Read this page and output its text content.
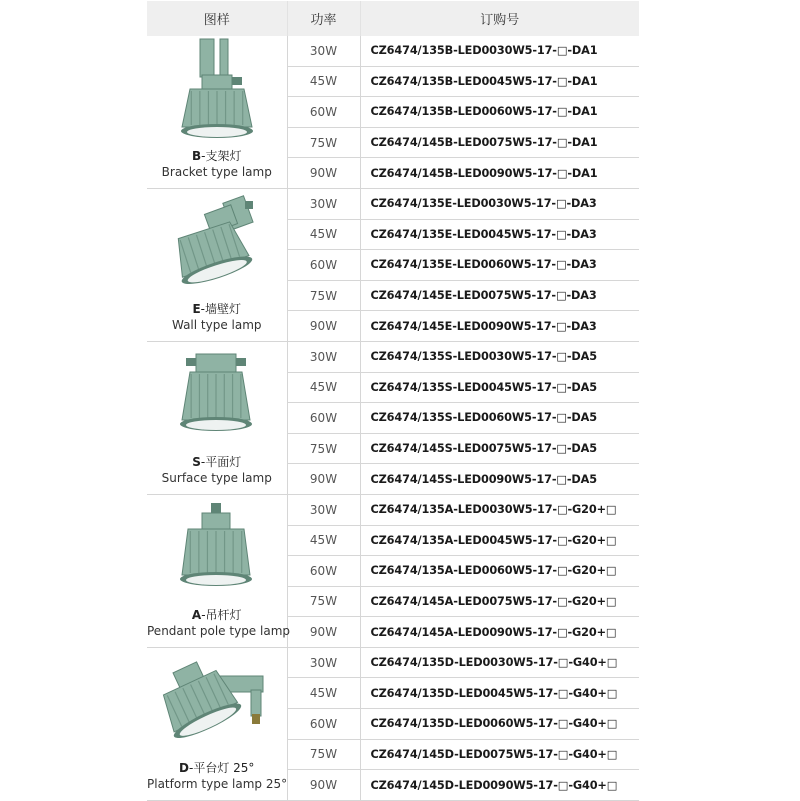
图样	功率	订购号

B-支架灯
Bracket type lamp	30W	CZ6474/135B-LED0030W5-17-□-DA1
	45W	CZ6474/135B-LED0045W5-17-□-DA1
	60W	CZ6474/135B-LED0060W5-17-□-DA1
	75W	CZ6474/145B-LED0075W5-17-□-DA1
	90W	CZ6474/145B-LED0090W5-17-□-DA1

E-墙壁灯
Wall type lamp	30W	CZ6474/135E-LED0030W5-17-□-DA3
	45W	CZ6474/135E-LED0045W5-17-□-DA3
	60W	CZ6474/135E-LED0060W5-17-□-DA3
	75W	CZ6474/145E-LED0075W5-17-□-DA3
	90W	CZ6474/145E-LED0090W5-17-□-DA3

S-平面灯
Surface type lamp	30W	CZ6474/135S-LED0030W5-17-□-DA5
	45W	CZ6474/135S-LED0045W5-17-□-DA5
	60W	CZ6474/135S-LED0060W5-17-□-DA5
	75W	CZ6474/145S-LED0075W5-17-□-DA5
	90W	CZ6474/145S-LED0090W5-17-□-DA5

A-吊杆灯
Pendant pole type lamp	30W	CZ6474/135A-LED0030W5-17-□-G20+□
	45W	CZ6474/135A-LED0045W5-17-□-G20+□
	60W	CZ6474/135A-LED0060W5-17-□-G20+□
	75W	CZ6474/145A-LED0075W5-17-□-G20+□
	90W	CZ6474/145A-LED0090W5-17-□-G20+□

D-平台灯 25°
Platform type lamp 25°	30W	CZ6474/135D-LED0030W5-17-□-G40+□
	45W	CZ6474/135D-LED0045W5-17-□-G40+□
	60W	CZ6474/135D-LED0060W5-17-□-G40+□
	75W	CZ6474/145D-LED0075W5-17-□-G40+□
	90W	CZ6474/145D-LED0090W5-17-□-G40+□
